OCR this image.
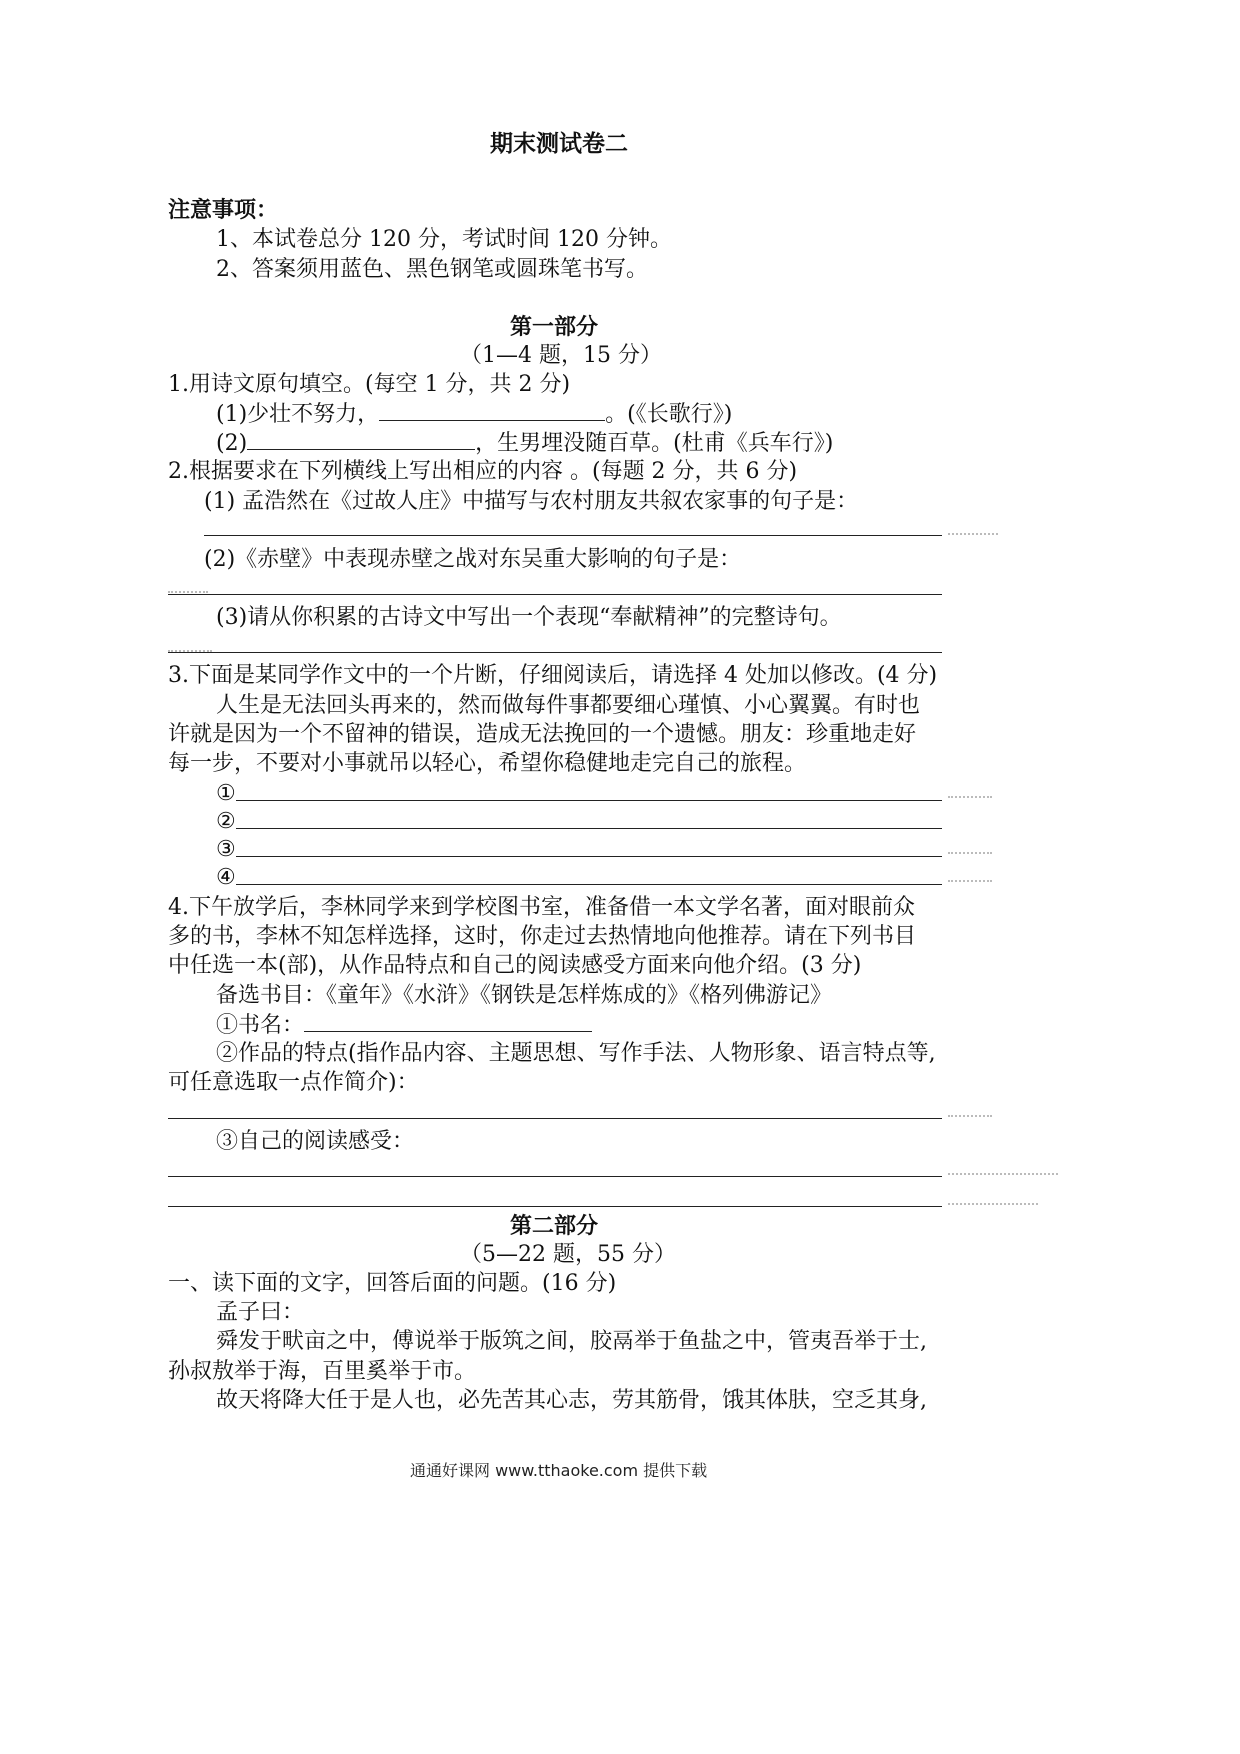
期末测试卷二
注意事项：
1、本试卷总分 120 分，考试时间 120 分钟。
2、答案须用蓝色、黑色钢笔或圆珠笔书写。
第一部分
（1—4 题，15 分）
1.用诗文原句填空。(每空 1 分，共 2 分)
(1)少壮不努力，	。(《长歌行》)
(2)	，生男埋没随百草。(杜甫《兵车行》)
2.根据要求在下列横线上写出相应的内容 。(每题 2 分，共 6 分)
(1) 孟浩然在《过故人庄》中描写与农村朋友共叙农家事的句子是：
(2)《赤壁》中表现赤壁之战对东吴重大影响的句子是：
(3)请从你积累的古诗文中写出一个表现“奉献精神”的完整诗句。
3.下面是某同学作文中的一个片断，仔细阅读后，请选择 4 处加以修改。(4 分)
人生是无法回头再来的，然而做每件事都要细心瑾慎、小心翼翼。有时也
许就是因为一个不留神的错误，造成无法挽回的一个遗憾。朋友：珍重地走好
每一步，不要对小事就吊以轻心，希望你稳健地走完自己的旅程。
①
②
③
④
4.下午放学后，李林同学来到学校图书室，准备借一本文学名著，面对眼前众
多的书，李林不知怎样选择，这时，你走过去热情地向他推荐。请在下列书目
中任选一本(部)，从作品特点和自己的阅读感受方面来向他介绍。(3 分)
备选书目：《童年》《水浒》《钢铁是怎样炼成的》《格列佛游记》
①书名：
②作品的特点(指作品内容、主题思想、写作手法、人物形象、语言特点等,
可任意选取一点作简介)：
③自己的阅读感受：
第二部分
（5—22 题，55 分）
一、读下面的文字，回答后面的问题。(16 分)
孟子曰：
舜发于畎亩之中，傅说举于版筑之间，胶鬲举于鱼盐之中，管夷吾举于士,
孙叔敖举于海，百里奚举于市。
故天将降大任于是人也，必先苦其心志，劳其筋骨，饿其体肤，空乏其身,
通通好课网 www.tthaoke.com 提供下载
